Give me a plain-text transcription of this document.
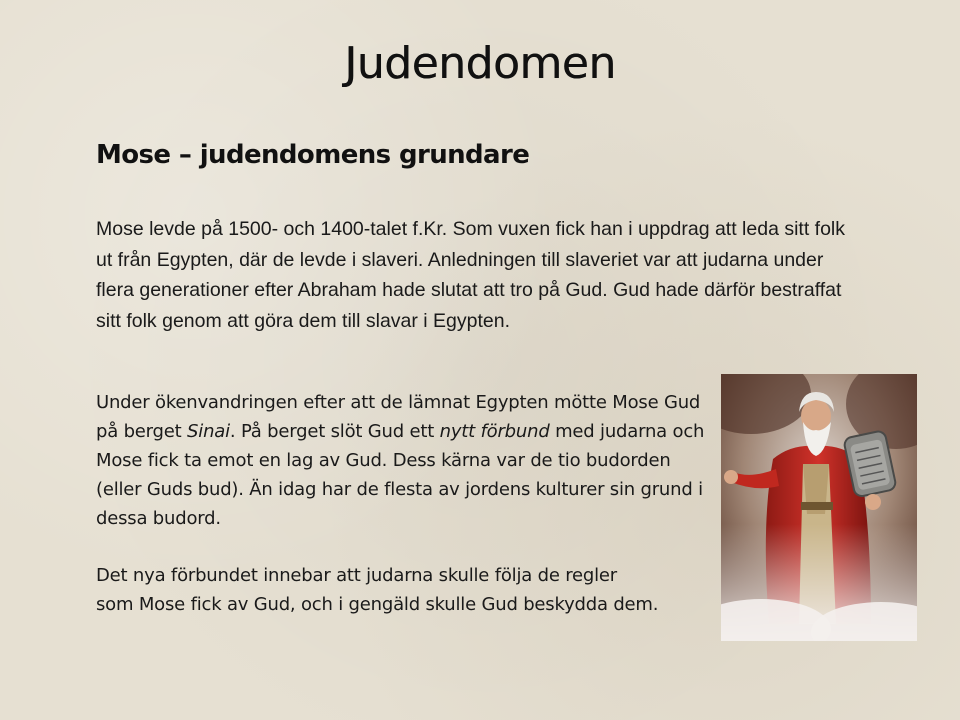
Judendomen
Mose – judendomens grundare

Mose levde på 1500- och 1400-talet f.Kr. Som vuxen fick han i uppdrag att leda sitt folk ut från Egypten, där de levde i slaveri. Anledningen till slaveriet var att judarna under flera generationer efter Abraham hade slutat att tro på Gud. Gud hade därför bestraffat sitt folk genom att göra dem till slavar i Egypten.

Under ökenvandringen efter att de lämnat Egypten mötte Mose Gud på berget Sinai. På berget slöt Gud ett nytt förbund med judarna och Mose fick ta emot en lag av Gud. Dess kärna var de tio budorden (eller Guds bud). Än idag har de flesta av jordens kulturer sin grund i dessa budord.

Det nya förbundet innebar att judarna skulle följa de regler
som Mose fick av Gud, och i gengäld skulle Gud beskydda dem.
